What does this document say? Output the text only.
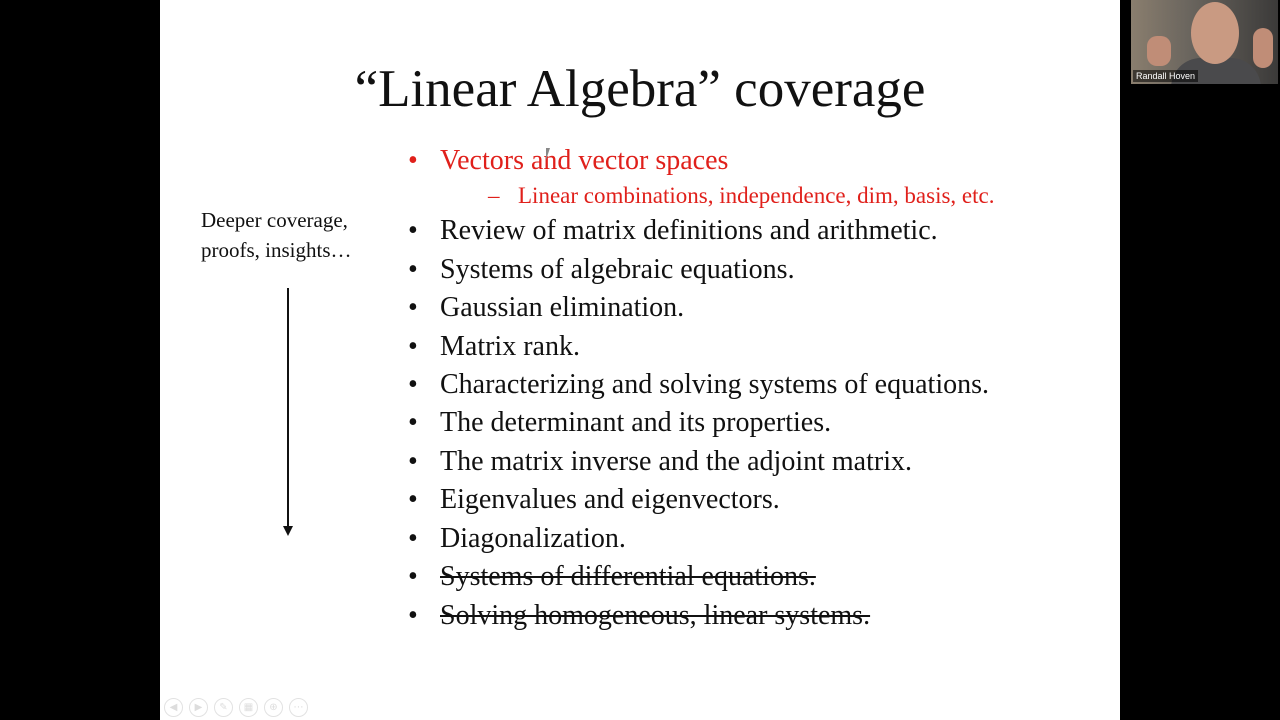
“Linear Algebra” coverage
Deeper coverage,
proofs, insights…
• Vectors and vector spaces
– Linear combinations, independence, dim, basis, etc.
• Review of matrix definitions and arithmetic.
• Systems of algebraic equations.
• Gaussian elimination.
• Matrix rank.
• Characterizing and solving systems of equations.
• The determinant and its properties.
• The matrix inverse and the adjoint matrix.
• Eigenvalues and eigenvectors.
• Diagonalization.
• Systems of differential equations.
• Solving homogeneous, linear systems.
◀	▶	✎	▦	⊕	⋯
Randall Hoven
